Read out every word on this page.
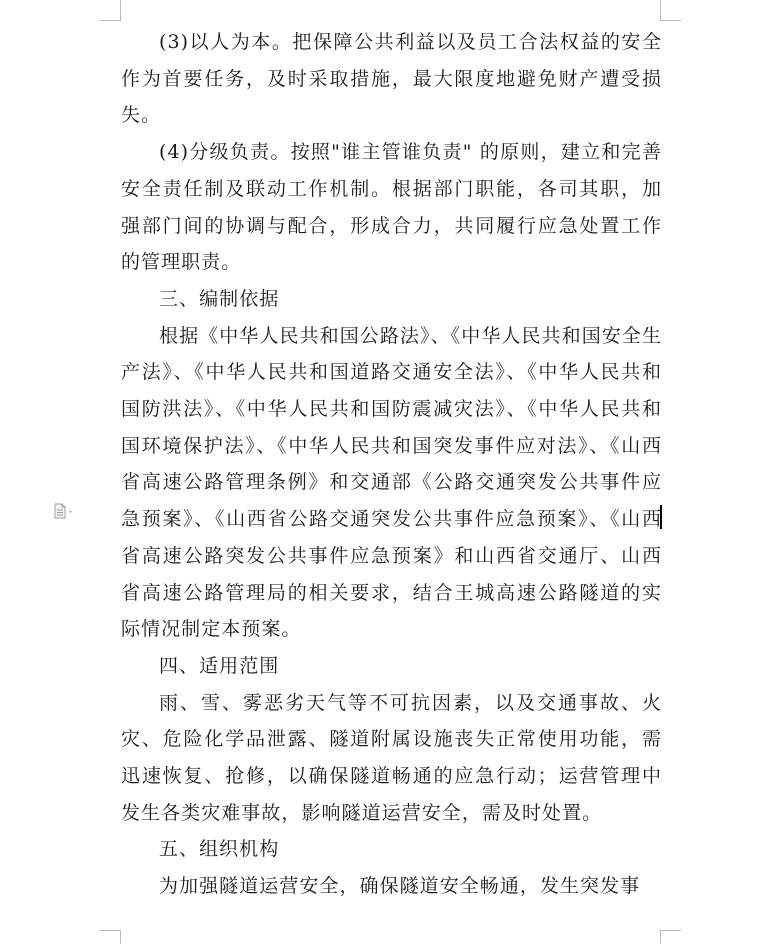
(3)以人为本。把保障公共利益以及员工合法权益的安全作为首要任务，及时采取措施，最大限度地避免财产遭受损失。

(4)分级负责。按照"谁主管谁负责" 的原则，建立和完善安全责任制及联动工作机制。根据部门职能，各司其职，加强部门间的协调与配合，形成合力，共同履行应急处置工作的管理职责。

三、编制依据

根据《中华人民共和国公路法》、《中华人民共和国安全生产法》、《中华人民共和国道路交通安全法》、《中华人民共和国防洪法》、《中华人民共和国防震减灾法》、《中华人民共和国环境保护法》、《中华人民共和国突发事件应对法》、《山西省高速公路管理条例》和交通部《公路交通突发公共事件应急预案》、《山西省公路交通突发公共事件应急预案》、《山西省高速公路突发公共事件应急预案》和山西省交通厅、山西省高速公路管理局的相关要求，结合王城高速公路隧道的实际情况制定本预案。

四、适用范围

雨、雪、雾恶劣天气等不可抗因素，以及交通事故、火灾、危险化学品泄露、隧道附属设施丧失正常使用功能，需迅速恢复、抢修，以确保隧道畅通的应急行动；运营管理中发生各类灾难事故，影响隧道运营安全，需及时处置。

五、组织机构

为加强隧道运营安全，确保隧道安全畅通，发生突发事
